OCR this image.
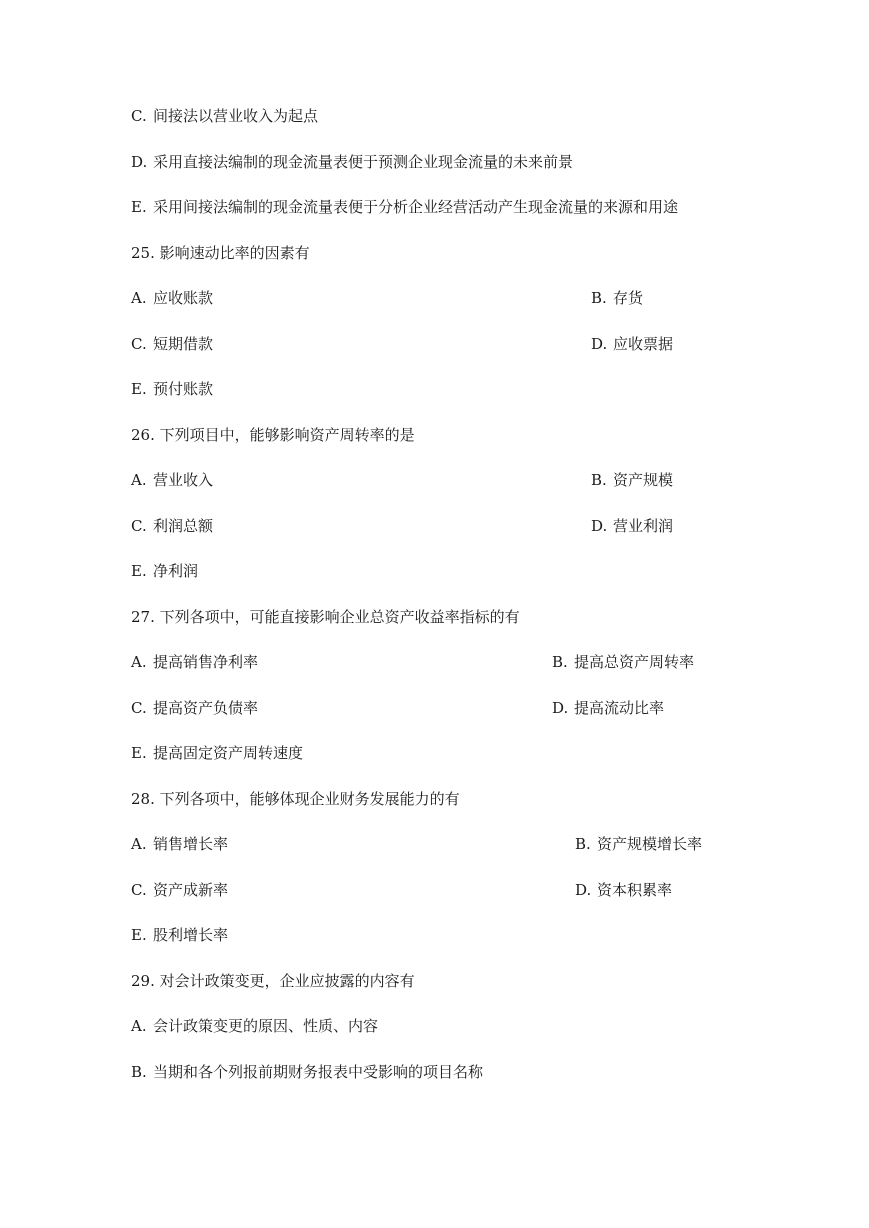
C. 间接法以营业收入为起点
D. 采用直接法编制的现金流量表便于预测企业现金流量的未来前景
E. 采用间接法编制的现金流量表便于分析企业经营活动产生现金流量的来源和用途
25. 影响速动比率的因素有
A. 应收账款	B. 存货
C. 短期借款	D. 应收票据
E. 预付账款
26. 下列项目中，能够影响资产周转率的是
A. 营业收入	B. 资产规模
C. 利润总额	D. 营业利润
E. 净利润
27. 下列各项中，可能直接影响企业总资产收益率指标的有
A. 提高销售净利率	B. 提高总资产周转率
C. 提高资产负债率	D. 提高流动比率
E. 提高固定资产周转速度
28. 下列各项中，能够体现企业财务发展能力的有
A. 销售增长率	B. 资产规模增长率
C. 资产成新率	D. 资本积累率
E. 股利增长率
29. 对会计政策变更，企业应披露的内容有
A. 会计政策变更的原因、性质、内容
B. 当期和各个列报前期财务报表中受影响的项目名称
